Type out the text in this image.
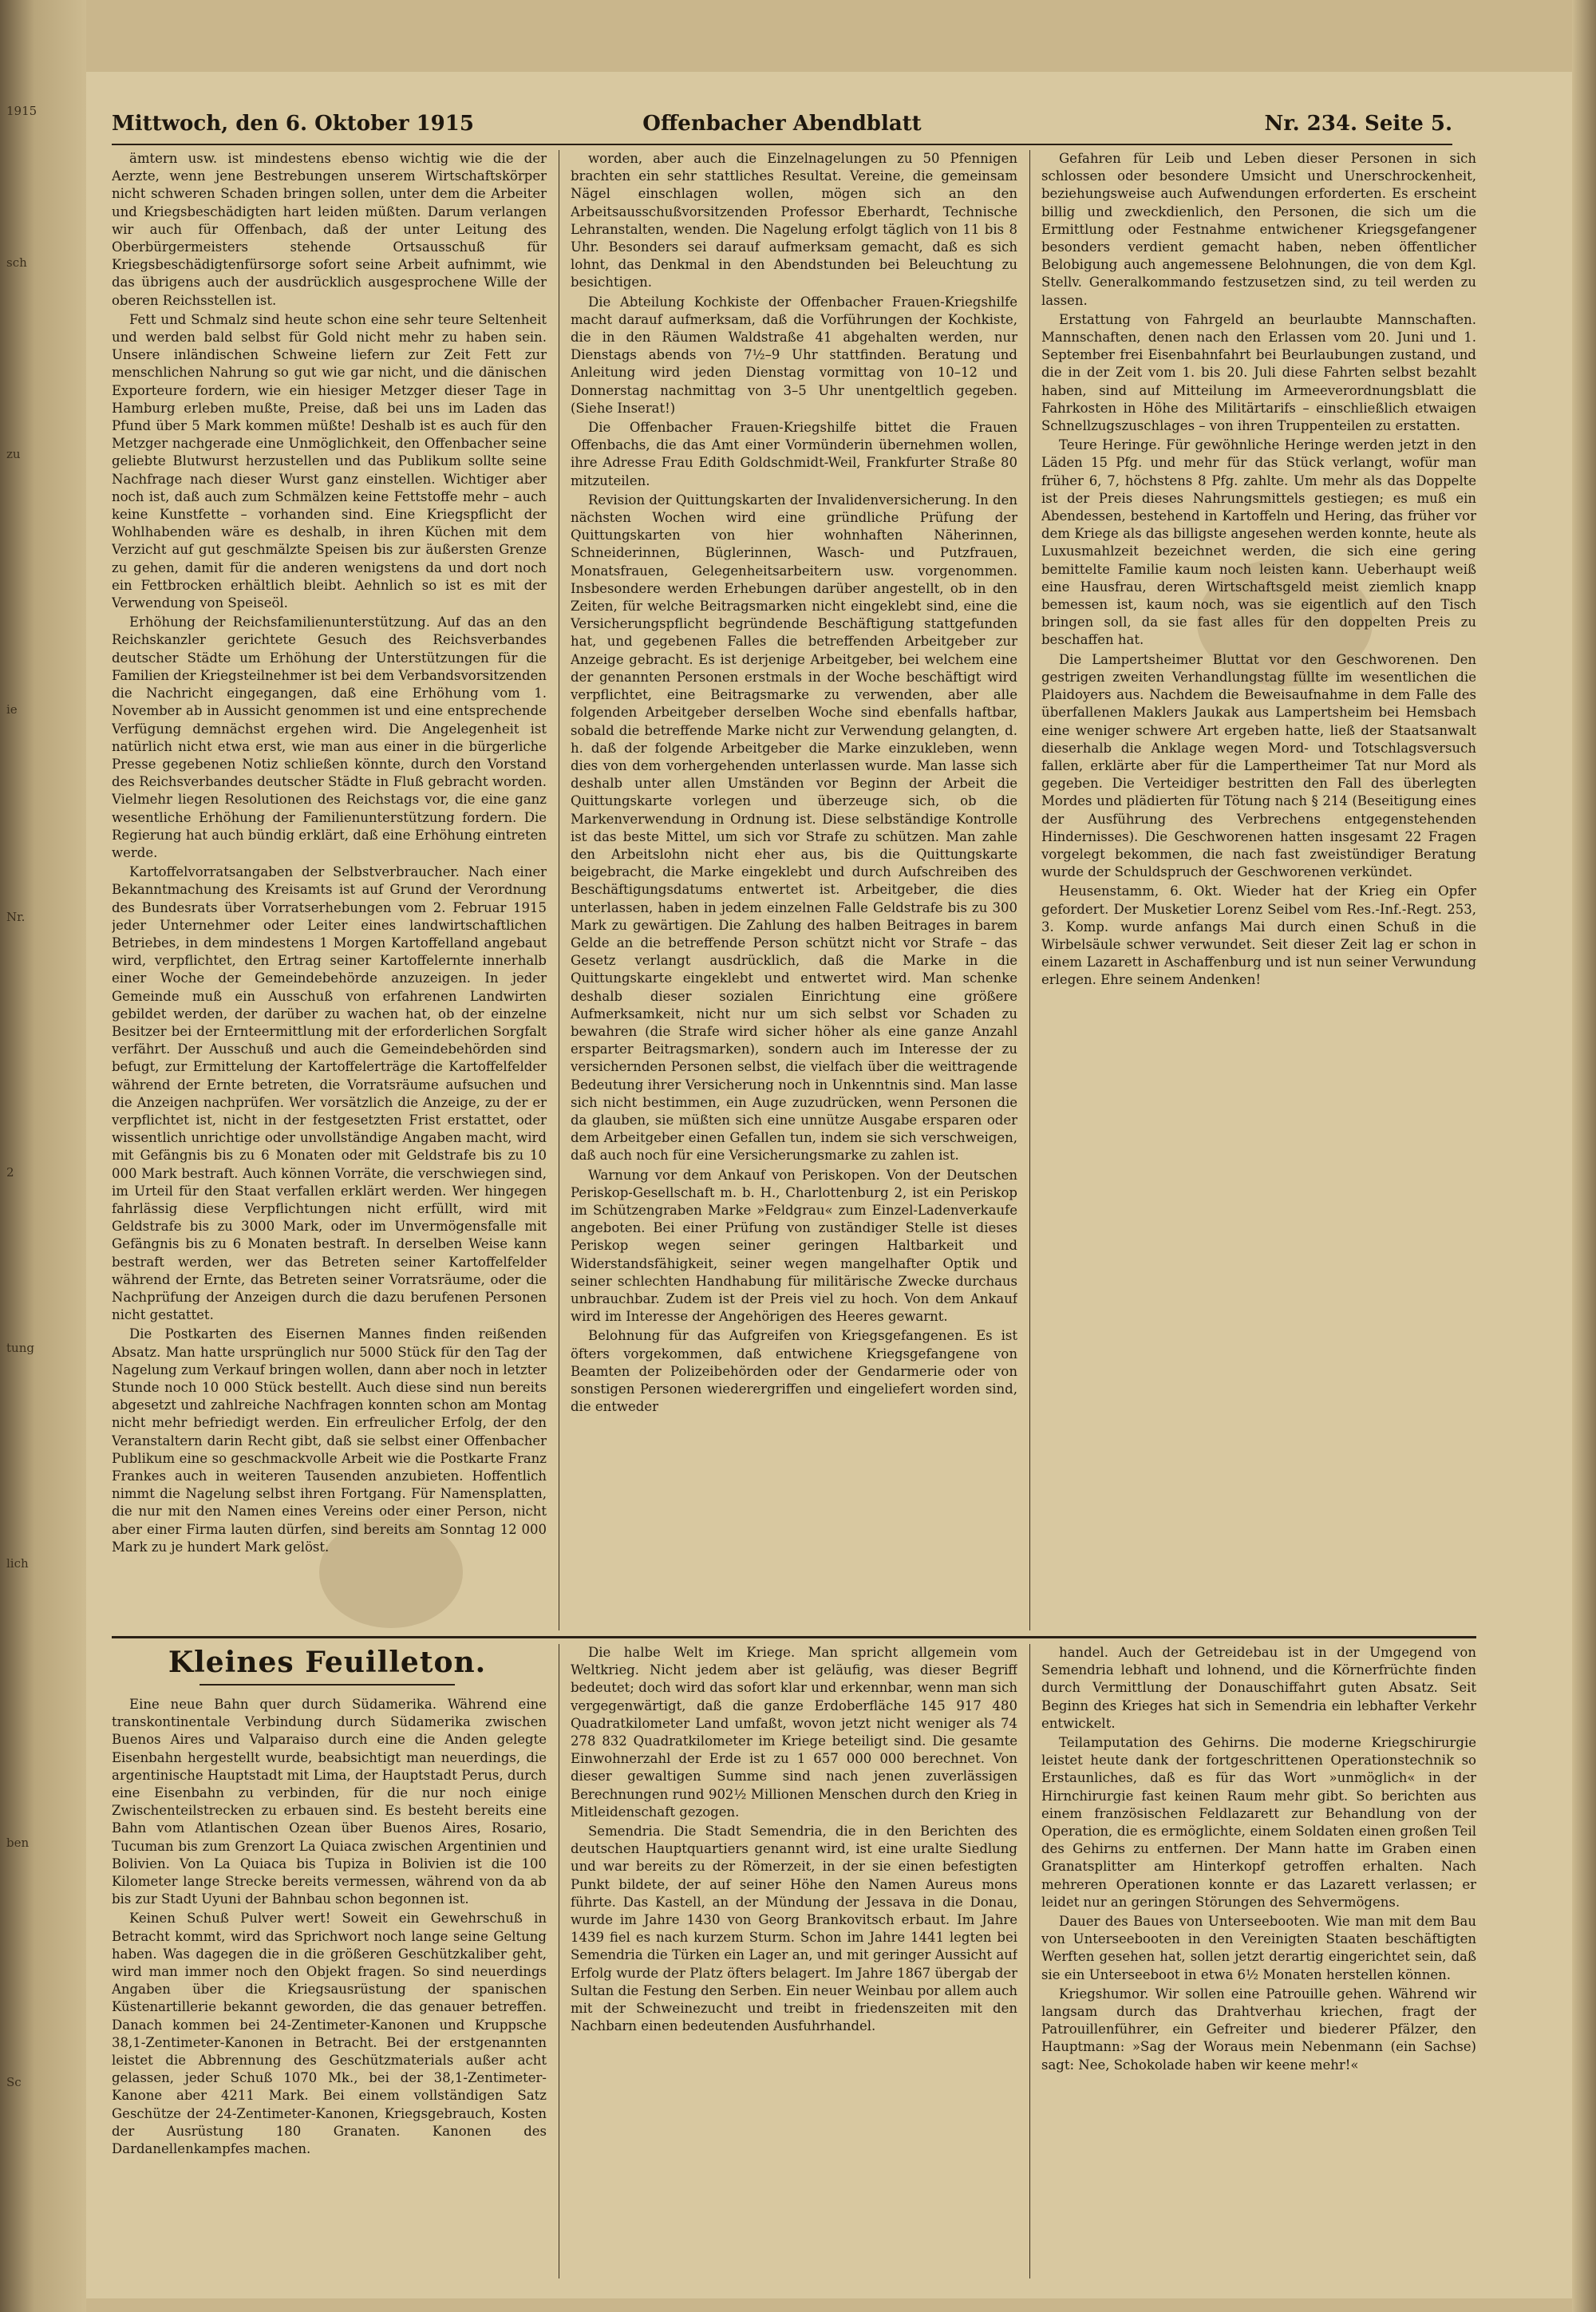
1915
sch
zu
ie
Nr.
2
tung
lich
ben
Sc
Mittwoch, den 6. Oktober 1915	Offenbacher Abendblatt	Nr. 234. Seite 5.

ämtern usw. ist mindestens ebenso wichtig wie die der Aerzte, wenn jene Bestrebungen unserem Wirtschaftskörper nicht schweren Schaden bringen sollen, unter dem die Arbeiter und Kriegsbeschädigten hart leiden müßten. Darum verlangen wir auch für Offenbach, daß der unter Leitung des Oberbürgermeisters stehende Ortsausschuß für Kriegsbeschädigtenfürsorge sofort seine Arbeit aufnimmt, wie das übrigens auch der ausdrücklich ausgesprochene Wille der oberen Reichsstellen ist.

Fett und Schmalz sind heute schon eine sehr teure Seltenheit und werden bald selbst für Gold nicht mehr zu haben sein. Unsere inländischen Schweine liefern zur Zeit Fett zur menschlichen Nahrung so gut wie gar nicht, und die dänischen Exporteure fordern, wie ein hiesiger Metzger dieser Tage in Hamburg erleben mußte, Preise, daß bei uns im Laden das Pfund über 5 Mark kommen müßte! Deshalb ist es auch für den Metzger nachgerade eine Unmöglichkeit, den Offenbacher seine geliebte Blutwurst herzustellen und das Publikum sollte seine Nachfrage nach dieser Wurst ganz einstellen. Wichtiger aber noch ist, daß auch zum Schmälzen keine Fettstoffe mehr – auch keine Kunstfette – vorhanden sind. Eine Kriegspflicht der Wohlhabenden wäre es deshalb, in ihren Küchen mit dem Verzicht auf gut geschmälzte Speisen bis zur äußersten Grenze zu gehen, damit für die anderen wenigstens da und dort noch ein Fettbrocken erhältlich bleibt. Aehnlich so ist es mit der Verwendung von Speiseöl.

Erhöhung der Reichsfamilienunterstützung. Auf das an den Reichskanzler gerichtete Gesuch des Reichsverbandes deutscher Städte um Erhöhung der Unterstützungen für die Familien der Kriegsteilnehmer ist bei dem Verbandsvorsitzenden die Nachricht eingegangen, daß eine Erhöhung vom 1. November ab in Aussicht genommen ist und eine entsprechende Verfügung demnächst ergehen wird. Die Angelegenheit ist natürlich nicht etwa erst, wie man aus einer in die bürgerliche Presse gegebenen Notiz schließen könnte, durch den Vorstand des Reichsverbandes deutscher Städte in Fluß gebracht worden. Vielmehr liegen Resolutionen des Reichstags vor, die eine ganz wesentliche Erhöhung der Familienunterstützung fordern. Die Regierung hat auch bündig erklärt, daß eine Erhöhung eintreten werde.

Kartoffelvorratsangaben der Selbstverbraucher. Nach einer Bekanntmachung des Kreisamts ist auf Grund der Verordnung des Bundesrats über Vorratserhebungen vom 2. Februar 1915 jeder Unternehmer oder Leiter eines landwirtschaftlichen Betriebes, in dem mindestens 1 Morgen Kartoffelland angebaut wird, verpflichtet, den Ertrag seiner Kartoffelernte innerhalb einer Woche der Gemeindebehörde anzuzeigen. In jeder Gemeinde muß ein Ausschuß von erfahrenen Landwirten gebildet werden, der darüber zu wachen hat, ob der einzelne Besitzer bei der Ernteermittlung mit der erforderlichen Sorgfalt verfährt. Der Ausschuß und auch die Gemeindebehörden sind befugt, zur Ermittelung der Kartoffelerträge die Kartoffelfelder während der Ernte betreten, die Vorratsräume aufsuchen und die Anzeigen nachprüfen. Wer vorsätzlich die Anzeige, zu der er verpflichtet ist, nicht in der festgesetzten Frist erstattet, oder wissentlich unrichtige oder unvollständige Angaben macht, wird mit Gefängnis bis zu 6 Monaten oder mit Geldstrafe bis zu 10 000 Mark bestraft. Auch können Vorräte, die verschwiegen sind, im Urteil für den Staat verfallen erklärt werden. Wer hingegen fahrlässig diese Verpflichtungen nicht erfüllt, wird mit Geldstrafe bis zu 3000 Mark, oder im Unvermögensfalle mit Gefängnis bis zu 6 Monaten bestraft. In derselben Weise kann bestraft werden, wer das Betreten seiner Kartoffelfelder während der Ernte, das Betreten seiner Vorratsräume, oder die Nachprüfung der Anzeigen durch die dazu berufenen Personen nicht gestattet.

Die Postkarten des Eisernen Mannes finden reißenden Absatz. Man hatte ursprünglich nur 5000 Stück für den Tag der Nagelung zum Verkauf bringen wollen, dann aber noch in letzter Stunde noch 10 000 Stück bestellt. Auch diese sind nun bereits abgesetzt und zahlreiche Nachfragen konnten schon am Montag nicht mehr befriedigt werden. Ein erfreulicher Erfolg, der den Veranstaltern darin Recht gibt, daß sie selbst einer Offenbacher Publikum eine so geschmackvolle Arbeit wie die Postkarte Franz Frankes auch in weiteren Tausenden anzubieten. Hoffentlich nimmt die Nagelung selbst ihren Fortgang. Für Namensplatten, die nur mit den Namen eines Vereins oder einer Person, nicht aber einer Firma lauten dürfen, sind bereits am Sonntag 12 000 Mark zu je hundert Mark gelöst.

worden, aber auch die Einzelnagelungen zu 50 Pfennigen brachten ein sehr stattliches Resultat. Vereine, die gemeinsam Nägel einschlagen wollen, mögen sich an den Arbeitsausschußvorsitzenden Professor Eberhardt, Technische Lehranstalten, wenden. Die Nagelung erfolgt täglich von 11 bis 8 Uhr. Besonders sei darauf aufmerksam gemacht, daß es sich lohnt, das Denkmal in den Abendstunden bei Beleuchtung zu besichtigen.

Die Abteilung Kochkiste der Offenbacher Frauen-Kriegshilfe macht darauf aufmerksam, daß die Vorführungen der Kochkiste, die in den Räumen Waldstraße 41 abgehalten werden, nur Dienstags abends von 7½–9 Uhr stattfinden. Beratung und Anleitung wird jeden Dienstag vormittag von 10–12 und Donnerstag nachmittag von 3–5 Uhr unentgeltlich gegeben. (Siehe Inserat!)

Die Offenbacher Frauen-Kriegshilfe bittet die Frauen Offenbachs, die das Amt einer Vormünderin übernehmen wollen, ihre Adresse Frau Edith Goldschmidt-Weil, Frankfurter Straße 80 mitzuteilen.

Revision der Quittungskarten der Invalidenversicherung. In den nächsten Wochen wird eine gründliche Prüfung der Quittungskarten von hier wohnhaften Näherinnen, Schneiderinnen, Büglerinnen, Wasch- und Putzfrauen, Monatsfrauen, Gelegenheitsarbeitern usw. vorgenommen. Insbesondere werden Erhebungen darüber angestellt, ob in den Zeiten, für welche Beitragsmarken nicht eingeklebt sind, eine die Versicherungspflicht begründende Beschäftigung stattgefunden hat, und gegebenen Falles die betreffenden Arbeitgeber zur Anzeige gebracht. Es ist derjenige Arbeitgeber, bei welchem eine der genannten Personen erstmals in der Woche beschäftigt wird verpflichtet, eine Beitragsmarke zu verwenden, aber alle folgenden Arbeitgeber derselben Woche sind ebenfalls haftbar, sobald die betreffende Marke nicht zur Verwendung gelangten, d. h. daß der folgende Arbeitgeber die Marke einzukleben, wenn dies von dem vorhergehenden unterlassen wurde. Man lasse sich deshalb unter allen Umständen vor Beginn der Arbeit die Quittungskarte vorlegen und überzeuge sich, ob die Markenverwendung in Ordnung ist. Diese selbständige Kontrolle ist das beste Mittel, um sich vor Strafe zu schützen. Man zahle den Arbeitslohn nicht eher aus, bis die Quittungskarte beigebracht, die Marke eingeklebt und durch Aufschreiben des Beschäftigungsdatums entwertet ist. Arbeitgeber, die dies unterlassen, haben in jedem einzelnen Falle Geldstrafe bis zu 300 Mark zu gewärtigen. Die Zahlung des halben Beitrages in barem Gelde an die betreffende Person schützt nicht vor Strafe – das Gesetz verlangt ausdrücklich, daß die Marke in die Quittungskarte eingeklebt und entwertet wird. Man schenke deshalb dieser sozialen Einrichtung eine größere Aufmerksamkeit, nicht nur um sich selbst vor Schaden zu bewahren (die Strafe wird sicher höher als eine ganze Anzahl ersparter Beitragsmarken), sondern auch im Interesse der zu versichernden Personen selbst, die vielfach über die weittragende Bedeutung ihrer Versicherung noch in Unkenntnis sind. Man lasse sich nicht bestimmen, ein Auge zuzudrücken, wenn Personen die da glauben, sie müßten sich eine unnütze Ausgabe ersparen oder dem Arbeitgeber einen Gefallen tun, indem sie sich verschweigen, daß auch noch für eine Versicherungsmarke zu zahlen ist.

Warnung vor dem Ankauf von Periskopen. Von der Deutschen Periskop-Gesellschaft m. b. H., Charlottenburg 2, ist ein Periskop im Schützengraben Marke »Feldgrau« zum Einzel-Ladenverkaufe angeboten. Bei einer Prüfung von zuständiger Stelle ist dieses Periskop wegen seiner geringen Haltbarkeit und Widerstandsfähigkeit, seiner wegen mangelhafter Optik und seiner schlechten Handhabung für militärische Zwecke durchaus unbrauchbar. Zudem ist der Preis viel zu hoch. Von dem Ankauf wird im Interesse der Angehörigen des Heeres gewarnt.

Belohnung für das Aufgreifen von Kriegsgefangenen. Es ist öfters vorgekommen, daß entwichene Kriegsgefangene von Beamten der Polizeibehörden oder der Gendarmerie oder von sonstigen Personen wiederergriffen und eingeliefert worden sind, die entweder

Gefahren für Leib und Leben dieser Personen in sich schlossen oder besondere Umsicht und Unerschrockenheit, beziehungsweise auch Aufwendungen erforderten. Es erscheint billig und zweckdienlich, den Personen, die sich um die Ermittlung oder Festnahme entwichener Kriegsgefangener besonders verdient gemacht haben, neben öffentlicher Belobigung auch angemessene Belohnungen, die von dem Kgl. Stellv. Generalkommando festzusetzen sind, zu teil werden zu lassen.

Erstattung von Fahrgeld an beurlaubte Mannschaften. Mannschaften, denen nach den Erlassen vom 20. Juni und 1. September frei Eisenbahnfahrt bei Beurlaubungen zustand, und die in der Zeit vom 1. bis 20. Juli diese Fahrten selbst bezahlt haben, sind auf Mitteilung im Armeeverordnungsblatt die Fahrkosten in Höhe des Militärtarifs – einschließlich etwaigen Schnellzugszuschlages – von ihren Truppenteilen zu erstatten.

Teure Heringe. Für gewöhnliche Heringe werden jetzt in den Läden 15 Pfg. und mehr für das Stück verlangt, wofür man früher 6, 7, höchstens 8 Pfg. zahlte. Um mehr als das Doppelte ist der Preis dieses Nahrungsmittels gestiegen; es muß ein Abendessen, bestehend in Kartoffeln und Hering, das früher vor dem Kriege als das billigste angesehen werden konnte, heute als Luxusmahlzeit bezeichnet werden, die sich eine gering bemittelte Familie kaum noch leisten kann. Ueberhaupt weiß eine Hausfrau, deren Wirtschaftsgeld meist ziemlich knapp bemessen ist, kaum noch, was sie eigentlich auf den Tisch bringen soll, da sie fast alles für den doppelten Preis zu beschaffen hat.

Die Lampertsheimer Bluttat vor den Geschworenen. Den gestrigen zweiten Verhandlungstag füllte im wesentlichen die Plaidoyers aus. Nachdem die Beweisaufnahme in dem Falle des überfallenen Maklers Jaukak aus Lampertsheim bei Hemsbach eine weniger schwere Art ergeben hatte, ließ der Staatsanwalt dieserhalb die Anklage wegen Mord- und Totschlagsversuch fallen, erklärte aber für die Lampertheimer Tat nur Mord als gegeben. Die Verteidiger bestritten den Fall des überlegten Mordes und plädierten für Tötung nach § 214 (Beseitigung eines der Ausführung des Verbrechens entgegenstehenden Hindernisses). Die Geschworenen hatten insgesamt 22 Fragen vorgelegt bekommen, die nach fast zweistündiger Beratung wurde der Schuldspruch der Geschworenen verkündet.

Heusenstamm, 6. Okt. Wieder hat der Krieg ein Opfer gefordert. Der Musketier Lorenz Seibel vom Res.-Inf.-Regt. 253, 3. Komp. wurde anfangs Mai durch einen Schuß in die Wirbelsäule schwer verwundet. Seit dieser Zeit lag er schon in einem Lazarett in Aschaffenburg und ist nun seiner Verwundung erlegen. Ehre seinem Andenken!

Kleines Feuilleton.

Eine neue Bahn quer durch Südamerika. Während eine transkontinentale Verbindung durch Südamerika zwischen Buenos Aires und Valparaiso durch eine die Anden gelegte Eisenbahn hergestellt wurde, beabsichtigt man neuerdings, die argentinische Hauptstadt mit Lima, der Hauptstadt Perus, durch eine Eisenbahn zu verbinden, für die nur noch einige Zwischenteilstrecken zu erbauen sind. Es besteht bereits eine Bahn vom Atlantischen Ozean über Buenos Aires, Rosario, Tucuman bis zum Grenzort La Quiaca zwischen Argentinien und Bolivien. Von La Quiaca bis Tupiza in Bolivien ist die 100 Kilometer lange Strecke bereits vermessen, während von da ab bis zur Stadt Uyuni der Bahnbau schon begonnen ist.

Keinen Schuß Pulver wert! Soweit ein Gewehrschuß in Betracht kommt, wird das Sprichwort noch lange seine Geltung haben. Was dagegen die in die größeren Geschützkaliber geht, wird man immer noch den Objekt fragen. So sind neuerdings Angaben über die Kriegsausrüstung der spanischen Küstenartillerie bekannt geworden, die das genauer betreffen. Danach kommen bei 24-Zentimeter-Kanonen und Kruppsche 38,1-Zentimeter-Kanonen in Betracht. Bei der erstgenannten leistet die Abbrennung des Geschützmaterials außer acht gelassen, jeder Schuß 1070 Mk., bei der 38,1-Zentimeter-Kanone aber 4211 Mark. Bei einem vollständigen Satz Geschütze der 24-Zentimeter-Kanonen, Kriegsgebrauch, Kosten der Ausrüstung 180 Granaten. Kanonen des Dardanellenkampfes machen.

Die halbe Welt im Kriege. Man spricht allgemein vom Weltkrieg. Nicht jedem aber ist geläufig, was dieser Begriff bedeutet; doch wird das sofort klar und erkennbar, wenn man sich vergegenwärtigt, daß die ganze Erdoberfläche 145 917 480 Quadratkilometer Land umfaßt, wovon jetzt nicht weniger als 74 278 832 Quadratkilometer im Kriege beteiligt sind. Die gesamte Einwohnerzahl der Erde ist zu 1 657 000 000 berechnet. Von dieser gewaltigen Summe sind nach jenen zuverlässigen Berechnungen rund 902½ Millionen Menschen durch den Krieg in Mitleidenschaft gezogen.

Semendria. Die Stadt Semendria, die in den Berichten des deutschen Hauptquartiers genannt wird, ist eine uralte Siedlung und war bereits zu der Römerzeit, in der sie einen befestigten Punkt bildete, der auf seiner Höhe den Namen Aureus mons führte. Das Kastell, an der Mündung der Jessava in die Donau, wurde im Jahre 1430 von Georg Brankovitsch erbaut. Im Jahre 1439 fiel es nach kurzem Sturm. Schon im Jahre 1441 legten bei Semendria die Türken ein Lager an, und mit geringer Aussicht auf Erfolg wurde der Platz öfters belagert. Im Jahre 1867 übergab der Sultan die Festung den Serben. Ein neuer Weinbau por allem auch mit der Schweinezucht und treibt in friedenszeiten mit den Nachbarn einen bedeutenden Ausfuhrhandel.

handel. Auch der Getreidebau ist in der Umgegend von Semendria lebhaft und lohnend, und die Körnerfrüchte finden durch Vermittlung der Donauschiffahrt guten Absatz. Seit Beginn des Krieges hat sich in Semendria ein lebhafter Verkehr entwickelt.

Teilamputation des Gehirns. Die moderne Kriegschirurgie leistet heute dank der fortgeschrittenen Operationstechnik so Erstaunliches, daß es für das Wort »unmöglich« in der Hirnchirurgie fast keinen Raum mehr gibt. So berichten aus einem französischen Feldlazarett zur Behandlung von der Operation, die es ermöglichte, einem Soldaten einen großen Teil des Gehirns zu entfernen. Der Mann hatte im Graben einen Granatsplitter am Hinterkopf getroffen erhalten. Nach mehreren Operationen konnte er das Lazarett verlassen; er leidet nur an geringen Störungen des Sehvermögens.

Dauer des Baues von Unterseebooten. Wie man mit dem Bau von Unterseebooten in den Vereinigten Staaten beschäftigten Werften gesehen hat, sollen jetzt derartig eingerichtet sein, daß sie ein Unterseeboot in etwa 6½ Monaten herstellen können.

Kriegshumor. Wir sollen eine Patrouille gehen. Während wir langsam durch das Drahtverhau kriechen, fragt der Patrouillenführer, ein Gefreiter und biederer Pfälzer, den Hauptmann: »Sag der Woraus mein Nebenmann (ein Sachse) sagt: Nee, Schokolade haben wir keene mehr!«
